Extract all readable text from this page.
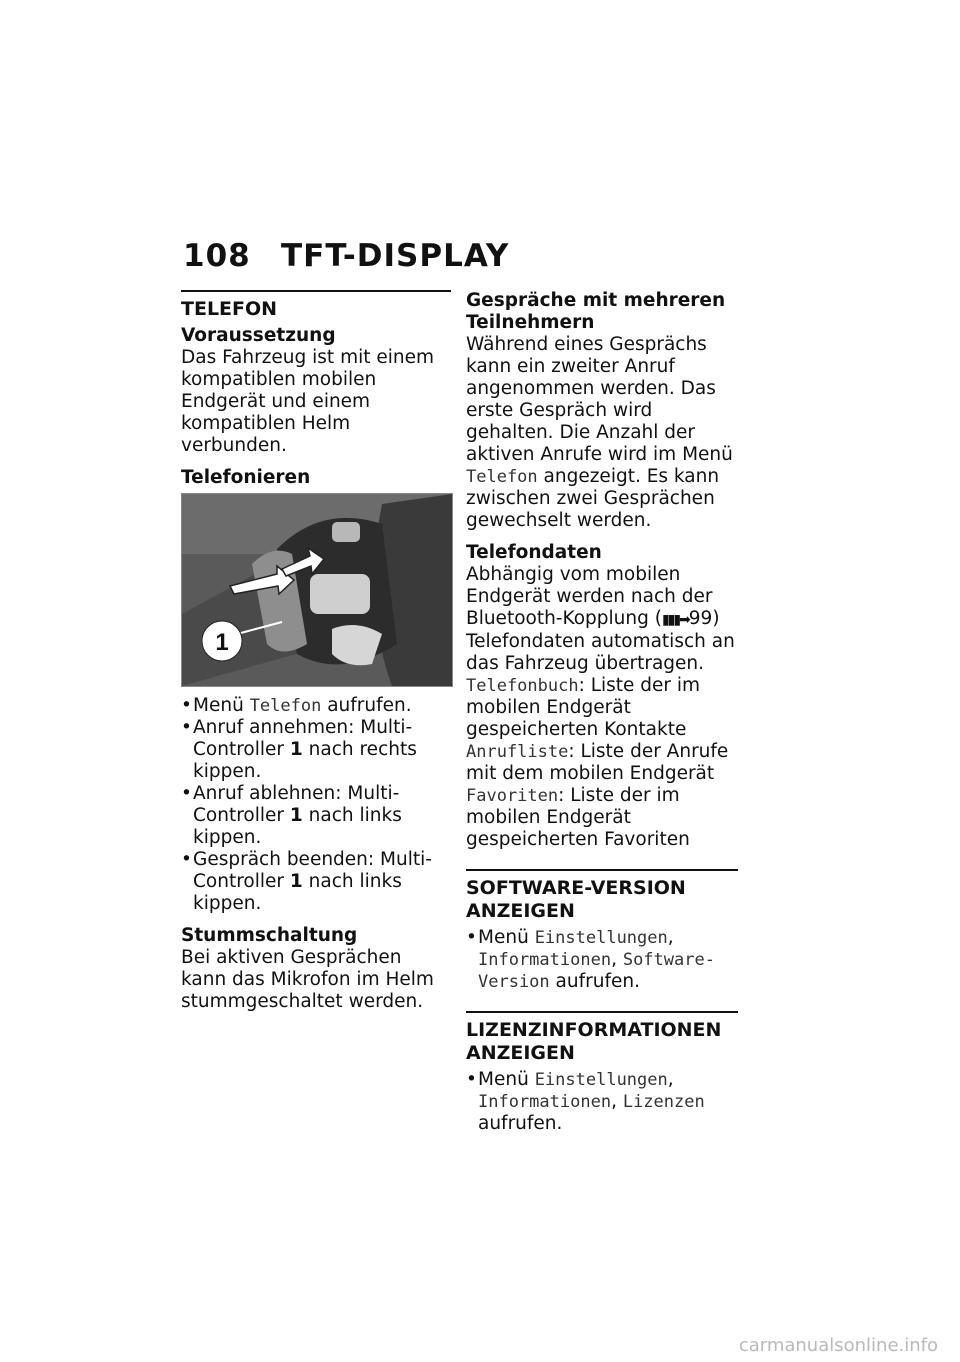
108 TFT-DISPLAY
TELEFON
Voraussetzung

Das Fahrzeug ist mit einem kompatiblen mobilen Endgerät und einem kompatiblen Helm verbunden.

Telefonieren
1
• Menü Telefon aufrufen.
• Anruf annehmen: Multi-Controller 1 nach rechts kippen.
• Anruf ablehnen: Multi-Controller 1 nach links kippen.
• Gespräch beenden: Multi-Controller 1 nach links kippen.
Stummschaltung

Bei aktiven Gesprächen kann das Mikrofon im Helm stummgeschaltet werden.

Gespräche mit mehreren Teilnehmern

Während eines Gesprächs kann ein zweiter Anruf angenommen werden. Das erste Gespräch wird gehalten. Die Anzahl der aktiven Anrufe wird im Menü Telefon angezeigt. Es kann zwischen zwei Gesprächen gewechselt werden.

Telefondaten
Abhängig vom mobilen Endgerät werden nach der Bluetooth-Kopplung (▮▮▮➡99) Telefondaten automatisch an das Fahrzeug übertragen.
Telefonbuch: Liste der im mobilen Endgerät gespeicherten Kontakte
Anrufliste: Liste der Anrufe mit dem mobilen Endgerät

Favoriten: Liste der im mobilen Endgerät gespeicherten Favoriten

SOFTWARE-VERSION ANZEIGEN
• Menü Einstellungen, Informationen, Software-Version aufrufen.
LIZENZINFORMATIONEN ANZEIGEN
• Menü Einstellungen, Informationen, Lizenzen aufrufen.
carmanualsonline.info
